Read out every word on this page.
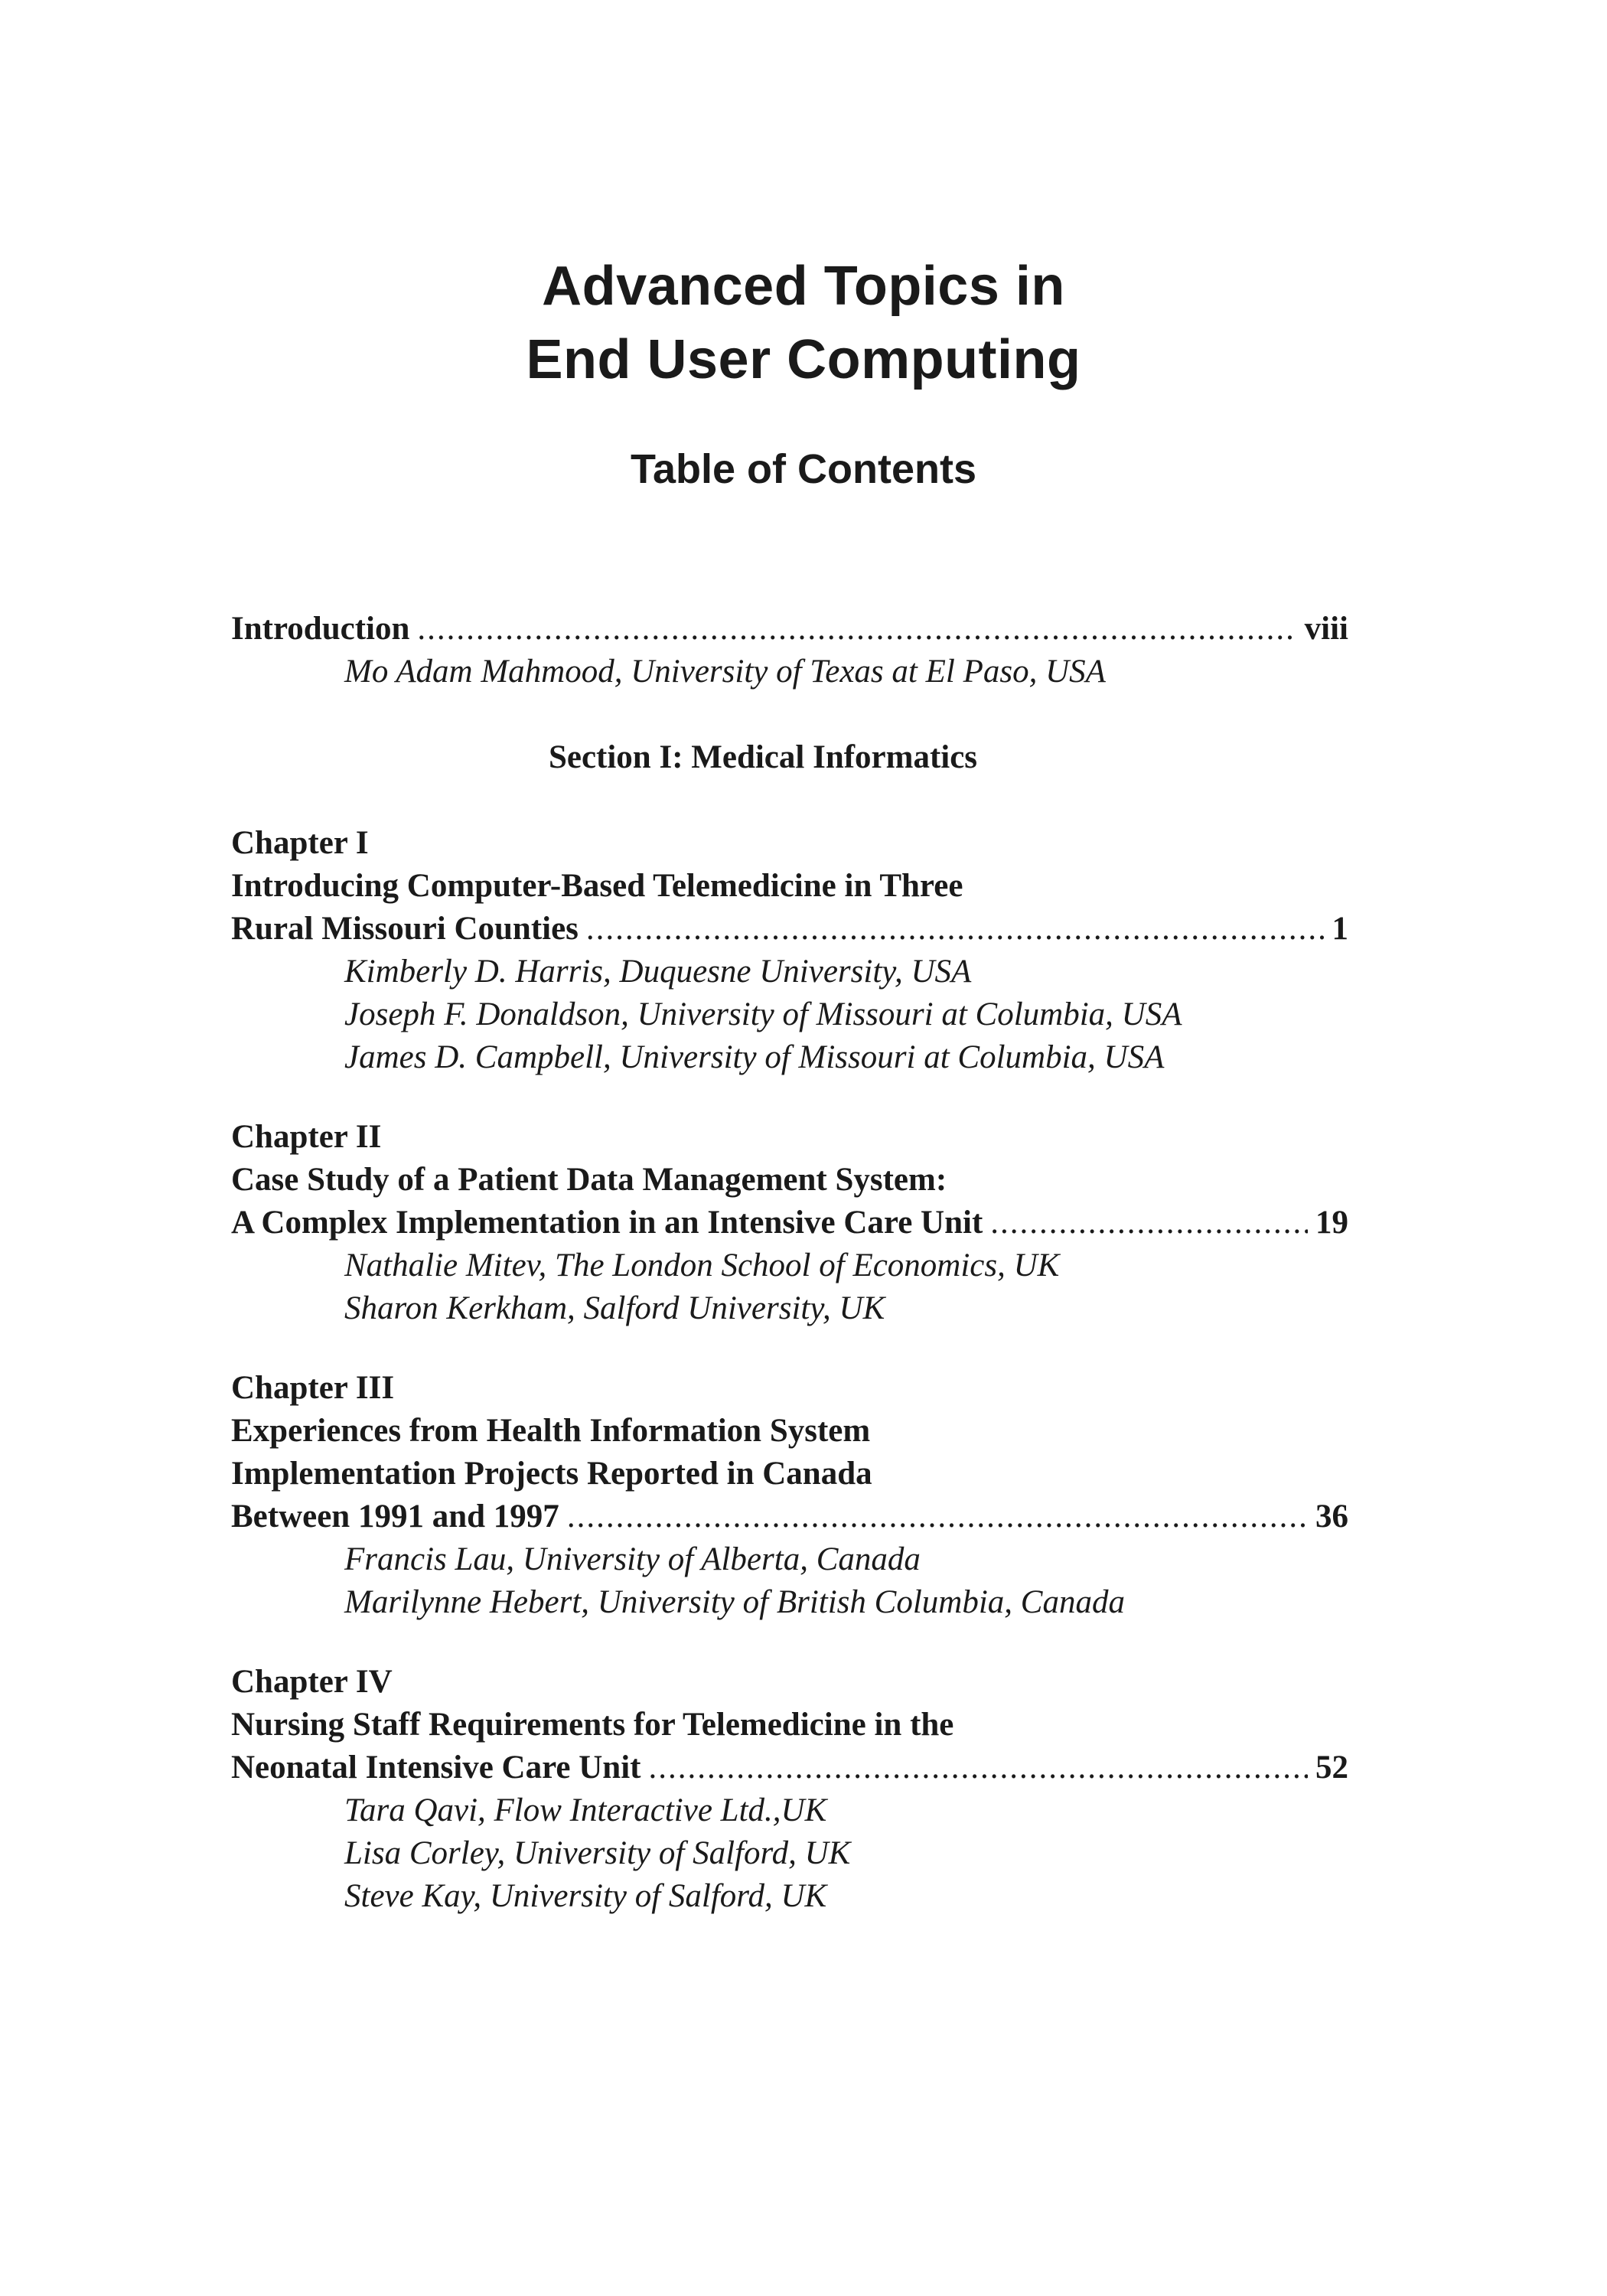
Advanced Topics in
End User Computing
Table of Contents
Introduction .....	viii
Mo Adam Mahmood, University of Texas at El Paso, USA
Section I: Medical Informatics
Chapter I
Introducing Computer-Based Telemedicine in Three
Rural Missouri Counties .....	1
Kimberly D. Harris, Duquesne University, USA
Joseph F. Donaldson, University of Missouri at Columbia, USA
James D. Campbell, University of Missouri at Columbia, USA
Chapter II
Case Study of a Patient Data Management System:
A Complex Implementation in an Intensive Care Unit .....	19
Nathalie Mitev, The London School of Economics, UK
Sharon Kerkham, Salford University, UK
Chapter III
Experiences from Health Information System
Implementation Projects Reported in Canada
Between 1991 and 1997 .....	36
Francis Lau, University of Alberta, Canada
Marilynne Hebert, University of British Columbia, Canada
Chapter IV
Nursing Staff Requirements for Telemedicine in the
Neonatal Intensive Care Unit .....	52
Tara Qavi, Flow Interactive Ltd.,UK
Lisa Corley, University of Salford, UK
Steve Kay, University of Salford, UK
